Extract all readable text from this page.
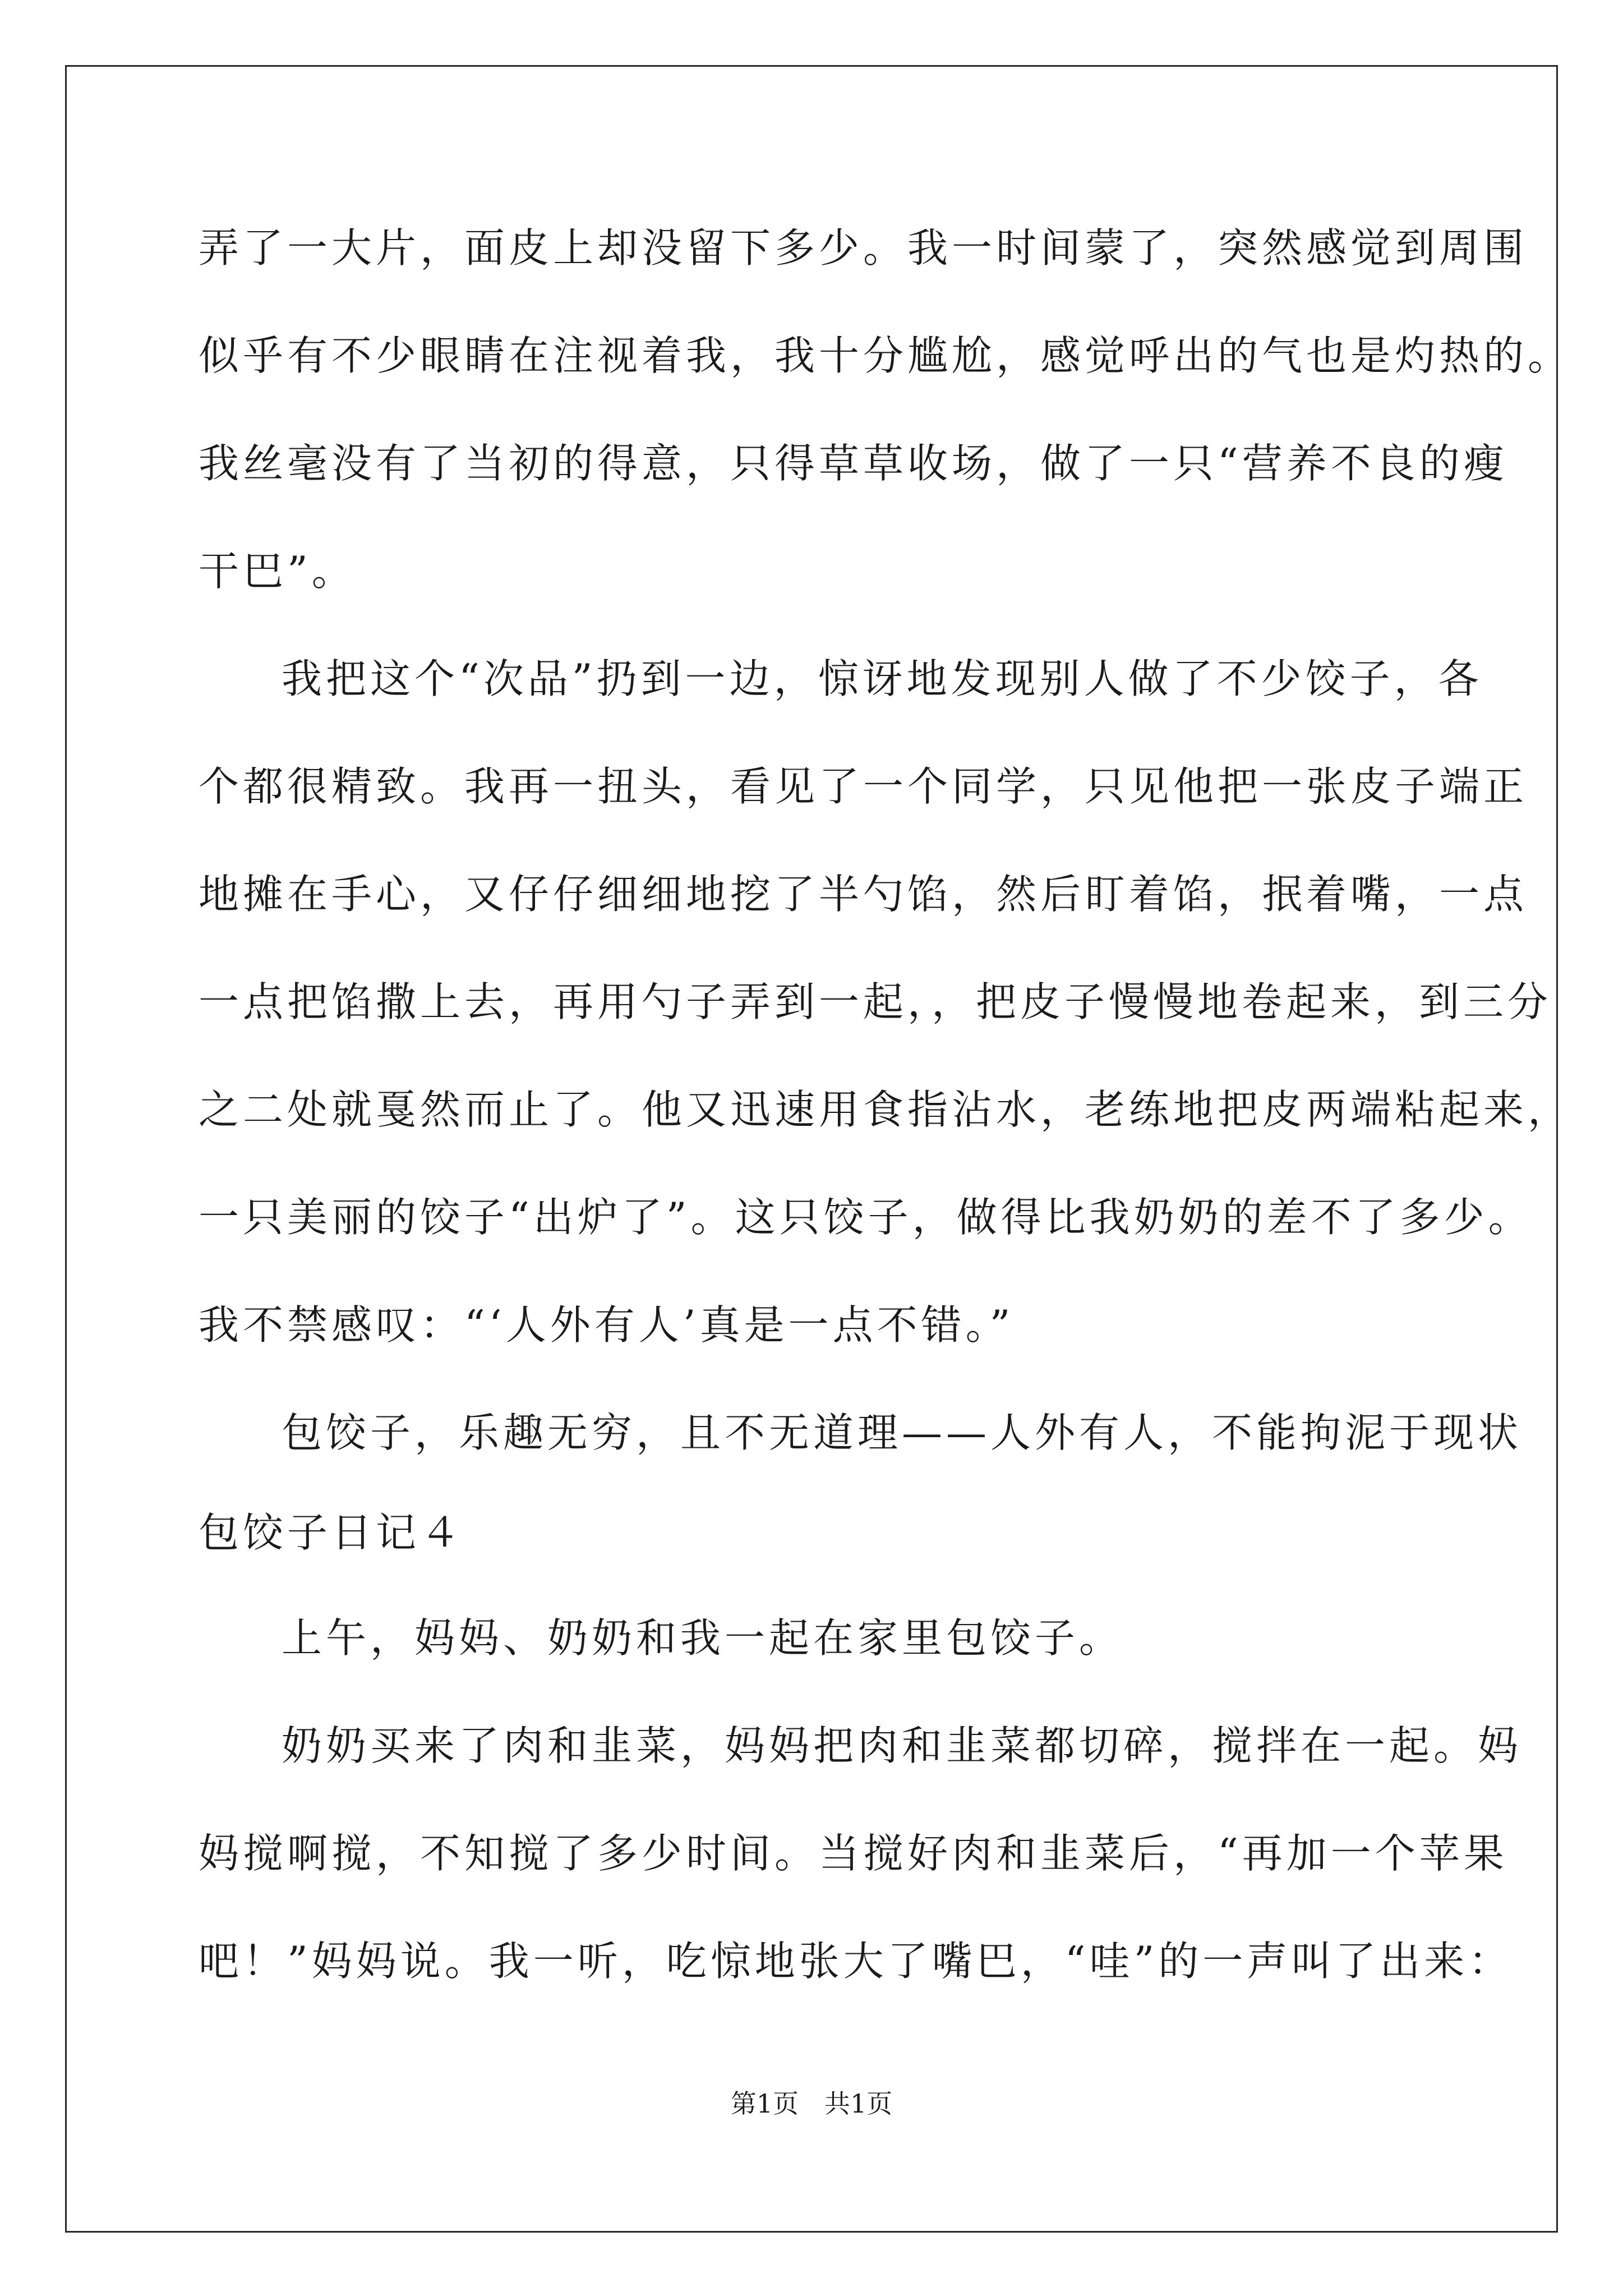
弄了一大片，面皮上却没留下多少。我一时间蒙了，突然感觉到周围
似乎有不少眼睛在注视着我，我十分尴尬，感觉呼出的气也是灼热的。
我丝毫没有了当初的得意，只得草草收场，做了一只“营养不良的瘦
干巴”。
我把这个“次品”扔到一边，惊讶地发现别人做了不少饺子，各
个都很精致。我再一扭头，看见了一个同学，只见他把一张皮子端正
地摊在手心，又仔仔细细地挖了半勺馅，然后盯着馅，抿着嘴，一点
一点把馅撒上去，再用勺子弄到一起，，把皮子慢慢地卷起来，到三分
之二处就戛然而止了。他又迅速用食指沾水，老练地把皮两端粘起来，
一只美丽的饺子“出炉了”。这只饺子，做得比我奶奶的差不了多少。
我不禁感叹：“‘人外有人’真是一点不错。”
包饺子，乐趣无穷，且不无道理——人外有人，不能拘泥于现状
包饺子日记４
上午，妈妈、奶奶和我一起在家里包饺子。
奶奶买来了肉和韭菜，妈妈把肉和韭菜都切碎，搅拌在一起。妈
妈搅啊搅，不知搅了多少时间。当搅好肉和韭菜后，“再加一个苹果
吧！”妈妈说。我一听，吃惊地张大了嘴巴，“哇”的一声叫了出来：
第1页　共1页
